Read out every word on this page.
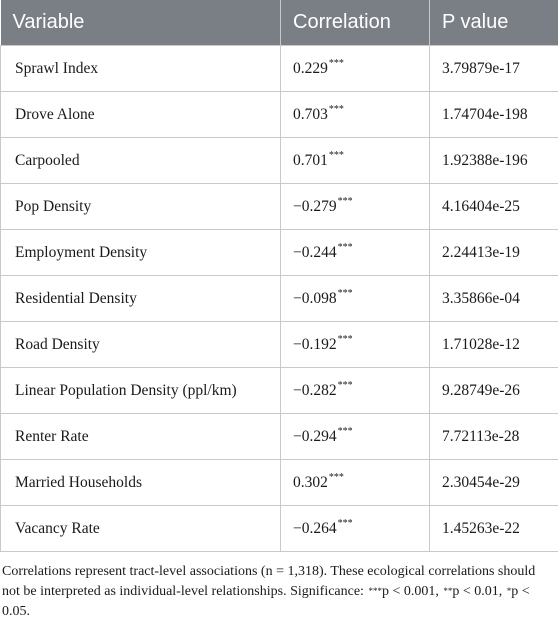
Variable	Correlation	P value
Sprawl Index	0.229***	3.79879e-17
Drove Alone	0.703***	1.74704e-198
Carpooled	0.701***	1.92388e-196
Pop Density	−0.279***	4.16404e-25
Employment Density	−0.244***	2.24413e-19
Residential Density	−0.098***	3.35866e-04
Road Density	−0.192***	1.71028e-12
Linear Population Density (ppl/km)	−0.282***	9.28749e-26
Renter Rate	−0.294***	7.72113e-28
Married Households	0.302***	2.30454e-29
Vacancy Rate	−0.264***	1.45263e-22
Correlations represent tract-level associations (n = 1,318). These ecological correlations should not be interpreted as individual-level relationships. Significance: ***p < 0.001, **p < 0.01, *p < 0.05.
